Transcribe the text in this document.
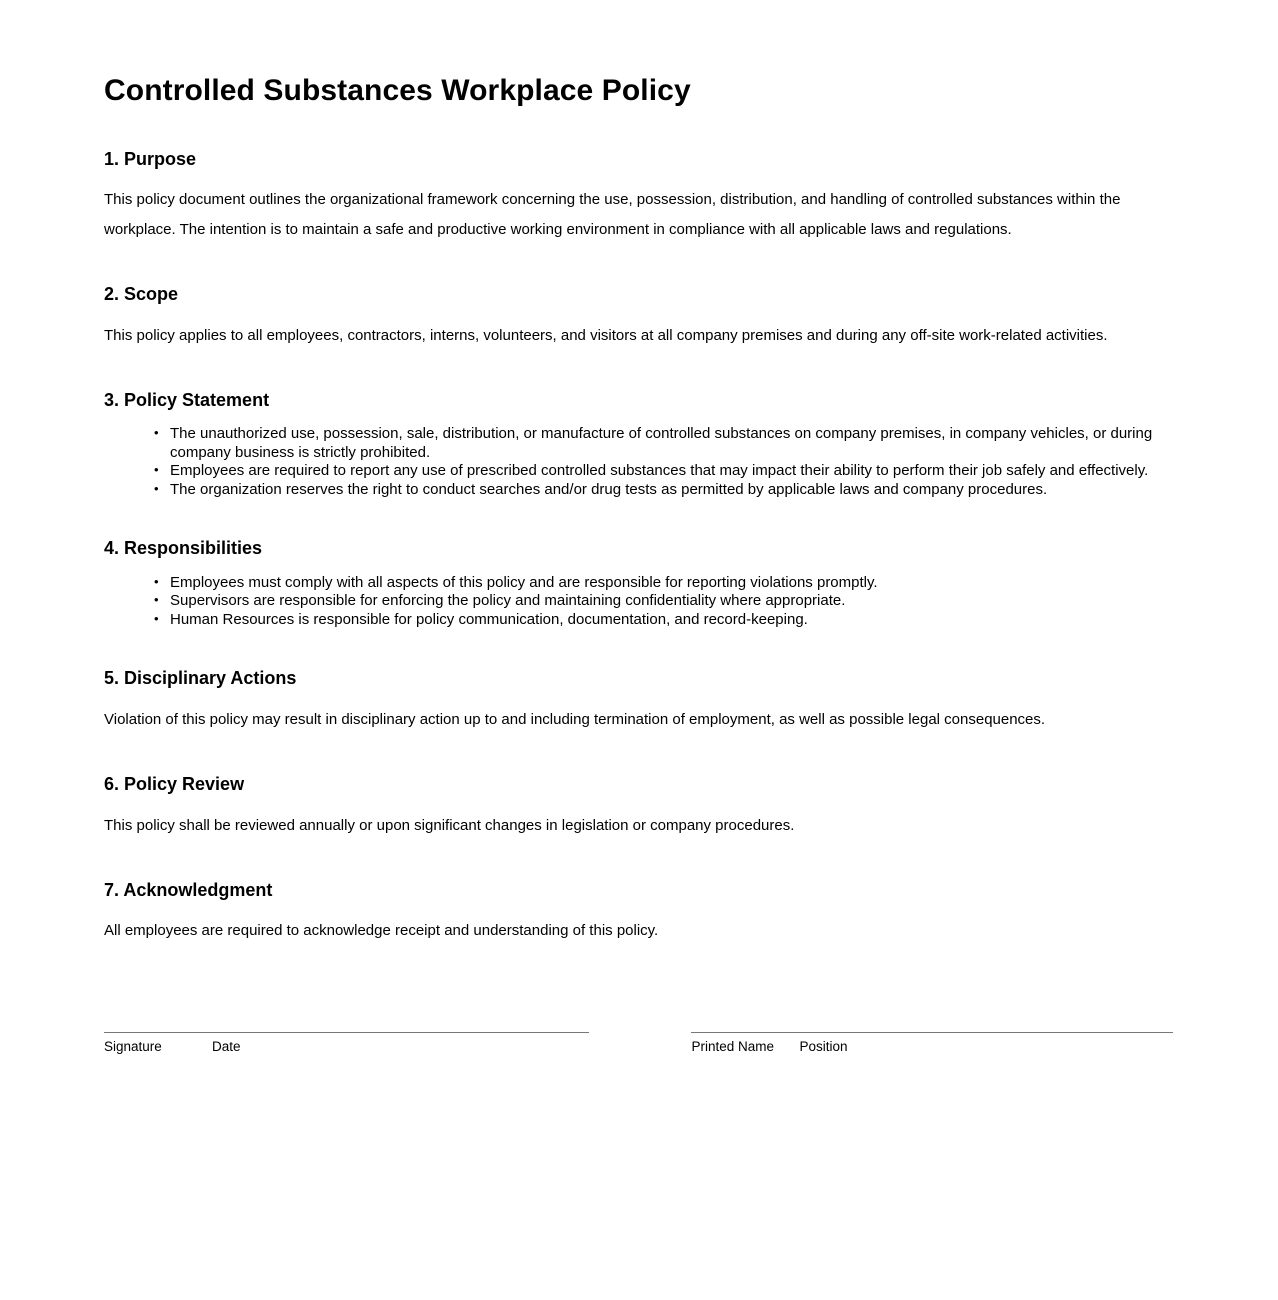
Controlled Substances Workplace Policy
1. Purpose

This policy document outlines the organizational framework concerning the use, possession, distribution, and handling of controlled substances within the workplace. The intention is to maintain a safe and productive working environment in compliance with all applicable laws and regulations.

2. Scope

This policy applies to all employees, contractors, interns, volunteers, and visitors at all company premises and during any off-site work-related activities.

3. Policy Statement
• The unauthorized use, possession, sale, distribution, or manufacture of controlled substances on company premises, in company vehicles, or during company business is strictly prohibited.
• Employees are required to report any use of prescribed controlled substances that may impact their ability to perform their job safely and effectively.
• The organization reserves the right to conduct searches and/or drug tests as permitted by applicable laws and company procedures.
4. Responsibilities
• Employees must comply with all aspects of this policy and are responsible for reporting violations promptly.
• Supervisors are responsible for enforcing the policy and maintaining confidentiality where appropriate.
• Human Resources is responsible for policy communication, documentation, and record-keeping.
5. Disciplinary Actions

Violation of this policy may result in disciplinary action up to and including termination of employment, as well as possible legal consequences.

6. Policy Review

This policy shall be reviewed annually or upon significant changes in legislation or company procedures.

7. Acknowledgment

All employees are required to acknowledge receipt and understanding of this policy.

Signature	Date	Printed Name	Position
